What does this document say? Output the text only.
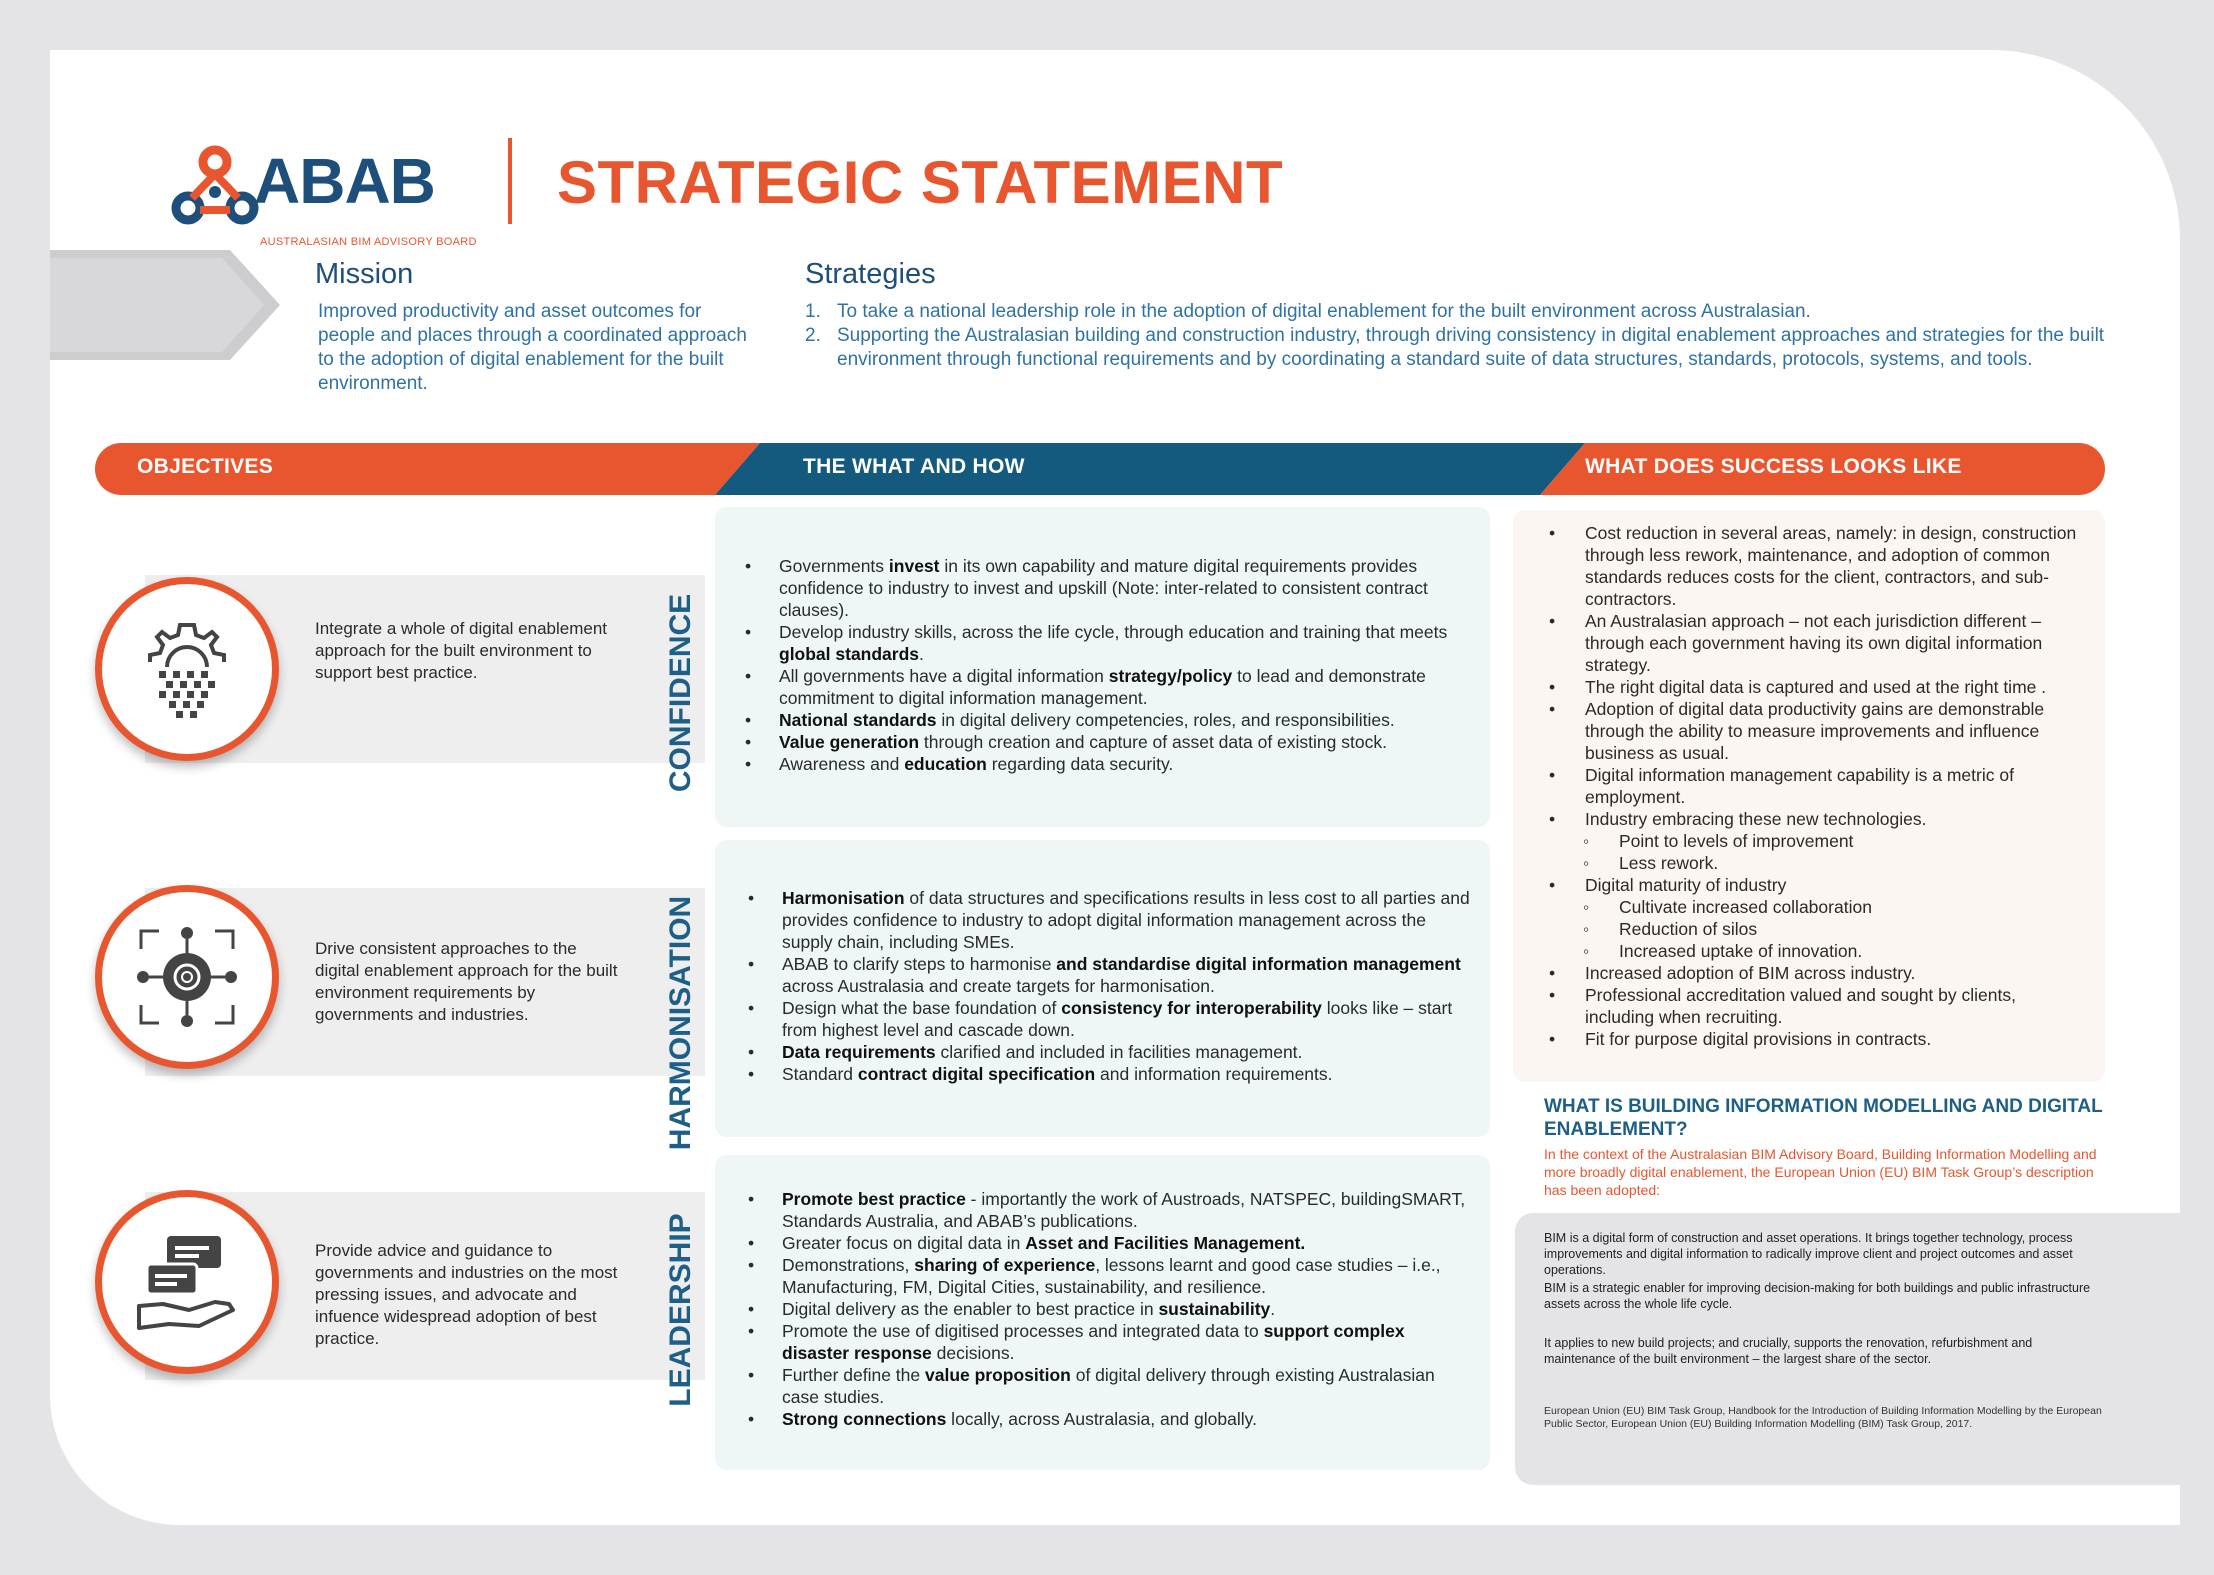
ABAB
AUSTRALASIAN BIM ADVISORY BOARD
STRATEGIC STATEMENT
Mission
Improved productivity and asset outcomes for people and places through a coordinated approach to the adoption of digital enablement for the built environment.
Strategies
1. To take a national leadership role in the adoption of digital enablement for the built environment across Australasian.
2. Supporting the Australasian building and construction industry, through driving consistency in digital enablement approaches and strategies for the built environment through functional requirements and by coordinating a standard suite of data structures, standards, protocols, systems, and tools.
OBJECTIVES	THE WHAT AND HOW	WHAT DOES SUCCESS LOOKS LIKE
Integrate a whole of digital enablement approach for the built environment to support best practice.
Drive consistent approaches to the digital enablement approach for the built environment requirements by governments and industries.
Provide advice and guidance to governments and industries on the most pressing issues, and advocate and infuence widespread adoption of best practice.
CONFIDENCE
HARMONISATION
LEADERSHIP
• Governments invest in its own capability and mature digital requirements provides confidence to industry to invest and upskill (Note: inter-related to consistent contract clauses).
• Develop industry skills, across the life cycle, through education and training that meets global standards.
• All governments have a digital information strategy/policy to lead and demonstrate commitment to digital information management.
• National standards in digital delivery competencies, roles, and responsibilities.
• Value generation through creation and capture of asset data of existing stock.
• Awareness and education regarding data security.
• Harmonisation of data structures and specifications results in less cost to all parties and provides confidence to industry to adopt digital information management across the supply chain, including SMEs.
• ABAB to clarify steps to harmonise and standardise digital information management across Australasia and create targets for harmonisation.
• Design what the base foundation of consistency for interoperability looks like – start from highest level and cascade down.
• Data requirements clarified and included in facilities management.
• Standard contract digital specification and information requirements.
• Promote best practice - importantly the work of Austroads, NATSPEC, buildingSMART, Standards Australia, and ABAB’s publications.
• Greater focus on digital data in Asset and Facilities Management.
• Demonstrations, sharing of experience, lessons learnt and good case studies – i.e., Manufacturing, FM, Digital Cities, sustainability, and resilience.
• Digital delivery as the enabler to best practice in sustainability.
• Promote the use of digitised processes and integrated data to support complex disaster response decisions.
• Further define the value proposition of digital delivery through existing Australasian case studies.
• Strong connections locally, across Australasia, and globally.
• Cost reduction in several areas, namely: in design, construction through less rework, maintenance, and adoption of common standards reduces costs for the client, contractors, and sub-contractors.
• An Australasian approach – not each jurisdiction different – through each government having its own digital information strategy.
• The right digital data is captured and used at the right time .
• Adoption of digital data productivity gains are demonstrable through the ability to measure improvements and influence business as usual.
• Digital information management capability is a metric of employment.
• Industry embracing these new technologies.
◦ Point to levels of improvement
◦ Less rework.
• Digital maturity of industry
◦ Cultivate increased collaboration
◦ Reduction of silos
◦ Increased uptake of innovation.
• Increased adoption of BIM across industry.
• Professional accreditation valued and sought by clients, including when recruiting.
• Fit for purpose digital provisions in contracts.
WHAT IS BUILDING INFORMATION MODELLING AND DIGITAL ENABLEMENT?
In the context of the Australasian BIM Advisory Board, Building Information Modelling and more broadly digital enablement, the European Union (EU) BIM Task Group’s description has been adopted:
BIM is a digital form of construction and asset operations. It brings together technology, process improvements and digital information to radically improve client and project outcomes and asset operations.
BIM is a strategic enabler for improving decision-making for both buildings and public infrastructure assets across the whole life cycle.
It applies to new build projects; and crucially, supports the renovation, refurbishment and maintenance of the built environment – the largest share of the sector.
European Union (EU) BIM Task Group, Handbook for the Introduction of Building Information Modelling by the European Public Sector, European Union (EU) Building Information Modelling (BIM) Task Group, 2017.
